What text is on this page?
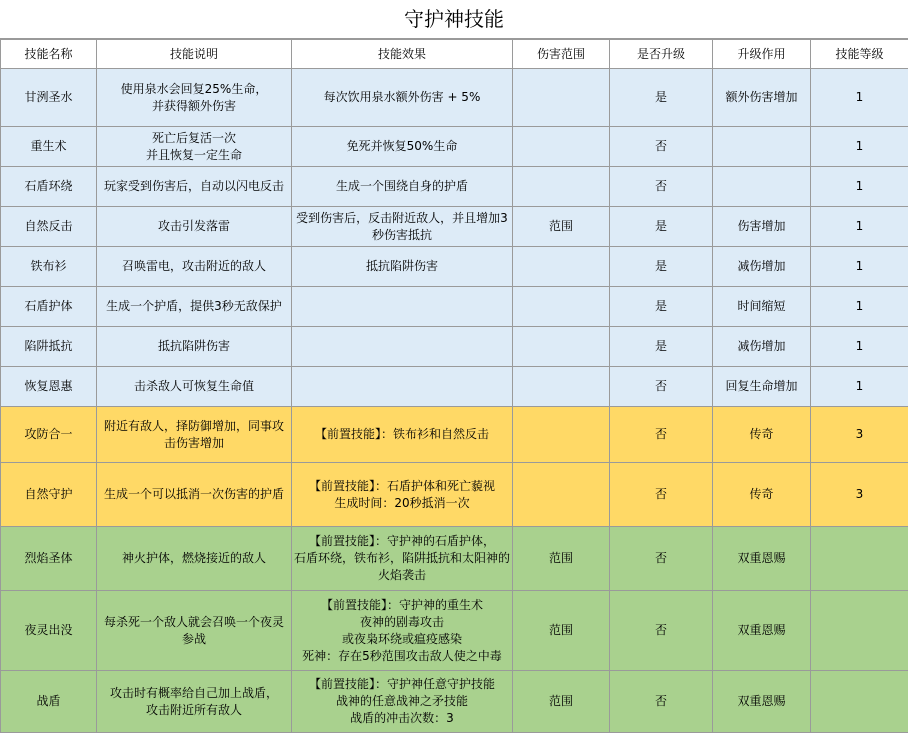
守护神技能
技能名称	技能说明	技能效果	伤害范围	是否升级	升级作用	技能等级
甘洌圣水	使用泉水会回复25%生命，
并获得额外伤害	每次饮用泉水额外伤害 + 5%		是	额外伤害增加	1
重生术	死亡后复活一次
并且恢复一定生命	免死并恢复50%生命		否		1
石盾环绕	玩家受到伤害后，自动以闪电反击	生成一个围绕自身的护盾		否		1
自然反击	攻击引发落雷	受到伤害后，反击附近敌人，并且增加3秒伤害抵抗	范围	是	伤害增加	1
铁布衫	召唤雷电，攻击附近的敌人	抵抗陷阱伤害		是	减伤增加	1
石盾护体	生成一个护盾，提供3秒无敌保护			是	时间缩短	1
陷阱抵抗	抵抗陷阱伤害			是	减伤增加	1
恢复恩惠	击杀敌人可恢复生命值			否	回复生命增加	1
攻防合一	附近有敌人，择防御增加，同事攻击伤害增加	【前置技能】：铁布衫和自然反击		否	传奇	3
自然守护	生成一个可以抵消一次伤害的护盾	【前置技能】：石盾护体和死亡藐视
生成时间：20秒抵消一次		否	传奇	3
烈焰圣体	神火护体，燃烧接近的敌人	【前置技能】：守护神的石盾护体，
石盾环绕，铁布衫，陷阱抵抗和太阳神的火焰袭击	范围	否	双重恩赐	
夜灵出没	每杀死一个敌人就会召唤一个夜灵参战	【前置技能】：守护神的重生术
夜神的剧毒攻击
或夜枭环绕或瘟疫感染
死神：存在5秒范围攻击敌人使之中毒	范围	否	双重恩赐	
战盾	攻击时有概率给自己加上战盾，
攻击附近所有敌人	【前置技能】：守护神任意守护技能
战神的任意战神之矛技能
战盾的冲击次数：3	范围	否	双重恩赐	
